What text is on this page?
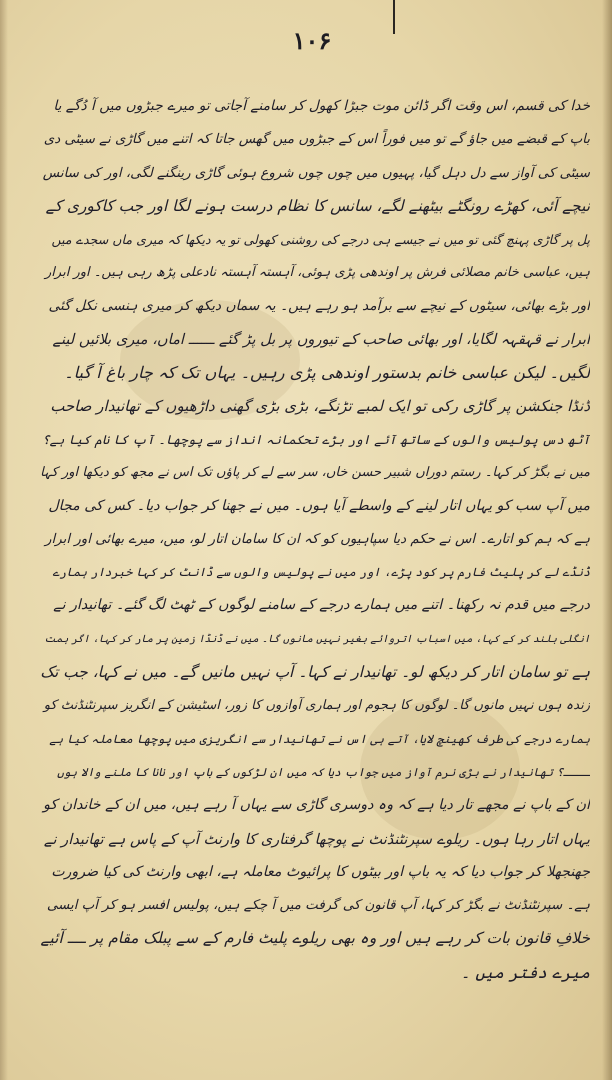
۱۰۶
خدا کی قسم، اس وقت اگر ڈائن موت جبڑا کھول کر سامنے آجاتی تو میرے جبڑوں میں آ دُگے یا
باپ کے قبضے میں جاؤ گے تو میں فوراً اس کے جبڑوں میں گھس جاتا کہ اتنے میں گاڑی نے سیٹی دی
سیٹی کی آواز سے دل دہل گیا، پہیوں میں چوں چوں شروع ہوئی گاڑی رینگنے لگی، اور کی سانس
نیچے آئی، کھڑے رونگٹے بیٹھنے لگے، سانس کا نظام درست ہونے لگا اور جب کاکوری کے
پل پر گاڑی پہنچ گئی تو میں نے جیسے ہی درجے کی روشنی کھولی تو یہ دیکھا کہ میری ماں سجدے میں
ہیں، عباسی خانم مصلائی فرش پر اوندھی پڑی ہوئی، آہستہ آہستہ نادعلی پڑھ رہی ہیں۔ اور ابرار
اور بڑے بھائی، سیٹوں کے نیچے سے برآمد ہو رہے ہیں۔ یہ سماں دیکھ کر میری ہنسی نکل گئی
ابرار نے قہقہہ لگایا، اور بھائی صاحب کے تیوروں پر بل پڑ گئے ــــــ اماں، میری بلائیں لینے
لگیں۔ لیکن عباسی خانم بدستور اوندھی پڑی رہیں۔ یہاں تک کہ چار باغ آ گیا۔
ڈنڈا جنکشن پر گاڑی رکی تو ایک لمبے تڑنگے، بڑی بڑی گھنی داڑھیوں کے تھانیدار صاحب
آٹھ دس پولیس والوں کے ساتھ آئے اور بڑے تحکمانہ انداز سے پوچھا۔ آپ کا نام کیا ہے؟
میں نے بگڑ کر کہا۔ رستم دوراں شبیر حسن خاں، سر سے لے کر پاؤں تک اس نے مجھ کو دیکھا اور کہا
میں آپ سب کو یہاں اتار لینے کے واسطے آیا ہوں۔ میں نے جھنا کر جواب دیا۔ کس کی مجال
ہے کہ ہم کو اتارے۔ اس نے حکم دیا سپاہیوں کو کہ ان کا سامان اتار لو، میں، میرے بھائی اور ابرار
ڈنڈے لے کر پلیٹ فارم پر کود پڑے، اور میں نے پولیس والوں سے ڈانٹ کر کہا خبردار ہمارے
درجے میں قدم نہ رکھنا۔ اتنے میں ہمارے درجے کے سامنے لوگوں کے ٹھٹ لگ گئے۔ تھانیدار نے
انگلی بلند کر کے کہا، میں اسباب اتروائے بغیر نہیں مانوں گا۔ میں نے ڈنڈا زمین پر مار کر کہا، اگر ہمت
ہے تو سامان اتار کر دیکھ لو۔ تھانیدار نے کہا۔ آپ نہیں مانیں گے۔ میں نے کہا، جب تک
زندہ ہوں نہیں مانوں گا۔ لوگوں کا ہجوم اور ہماری آوازوں کا زور، اسٹیشن کے انگریز سپرنٹنڈنٹ کو
ہمارے درجے کی طرف کھینچ لایا، آتے ہی اس نے تھانیدار سے انگریزی میں پوچھا معاملہ کیا ہے
ــــ؟ تھانیدار نے بڑی نرم آواز میں جواب دیا کہ میں ان لڑکوں کے باپ اور نانا کا ملنے والا ہوں
ان کے باپ نے مجھے تار دیا ہے کہ وہ دوسری گاڑی سے یہاں آ رہے ہیں، میں ان کے خاندان کو
یہاں اتار رہا ہوں۔ ریلوے سپرنٹنڈنٹ نے پوچھا گرفتاری کا وارنٹ آپ کے پاس ہے تھانیدار نے
جھنجھلا کر جواب دیا کہ یہ باپ اور بیٹوں کا پرائیوٹ معاملہ ہے، ابھی وارنٹ کی کیا ضرورت
ہے۔ سپرنٹنڈنٹ نے بگڑ کر کہا، آپ قانون کی گرفت میں آ چکے ہیں، پولیس افسر ہو کر آپ ایسی
خلافِ قانون بات کر رہے ہیں اور وہ بھی ریلوے پلیٹ فارم کے سے پبلک مقام پر ــــ آئیے
میرے دفتر میں ۔
